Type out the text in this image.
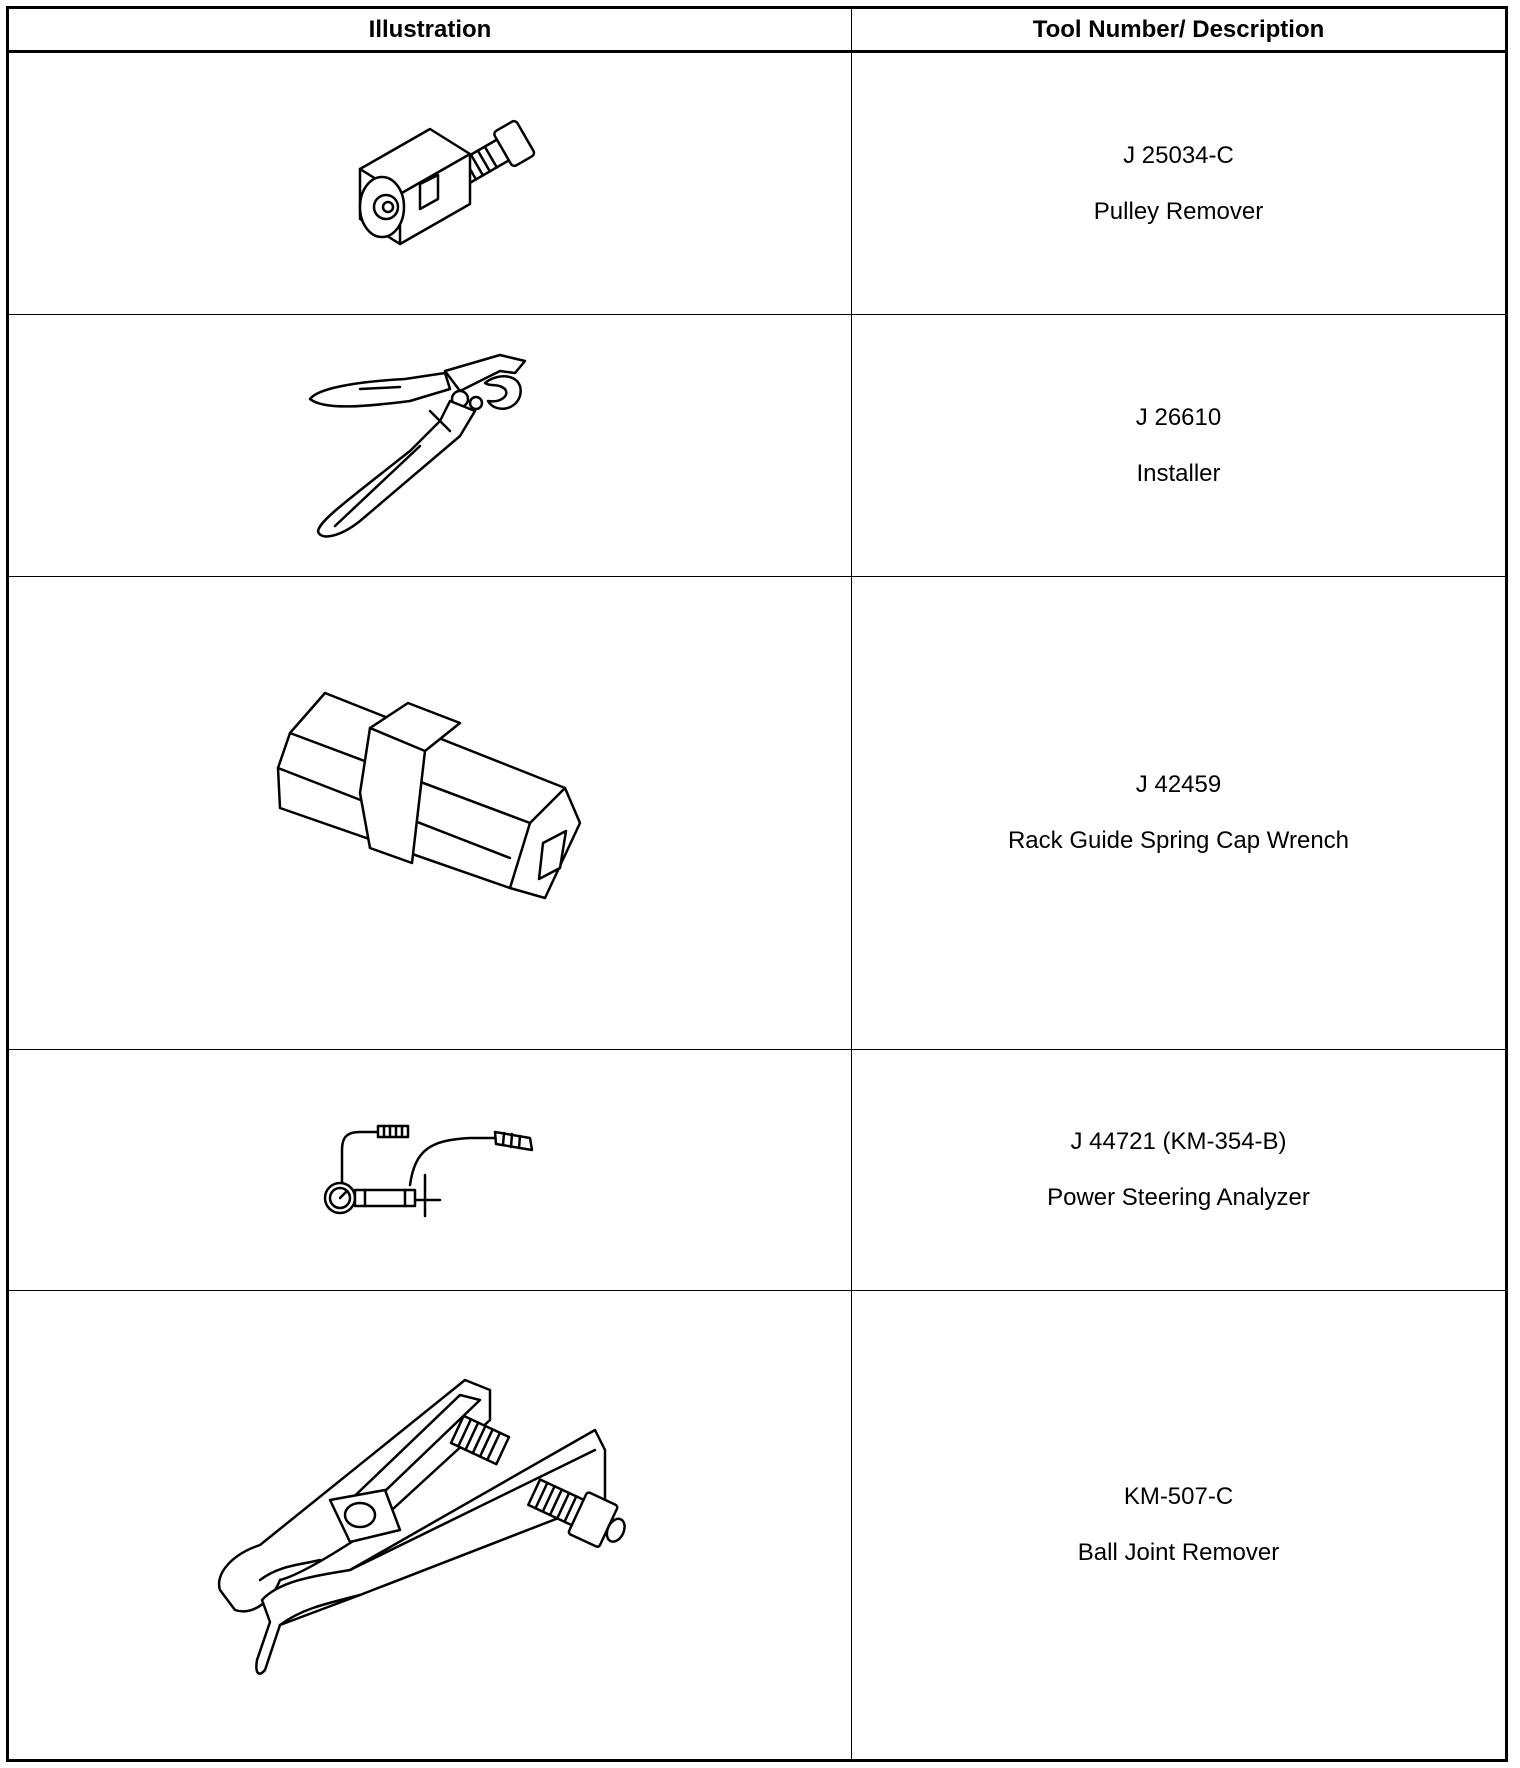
Illustration	Tool Number/ Description
J 25034-C
Pulley Remover
J 26610
Installer
J 42459
Rack Guide Spring Cap Wrench
J 44721 (KM-354-B)
Power Steering Analyzer
KM-507-C
Ball Joint Remover
